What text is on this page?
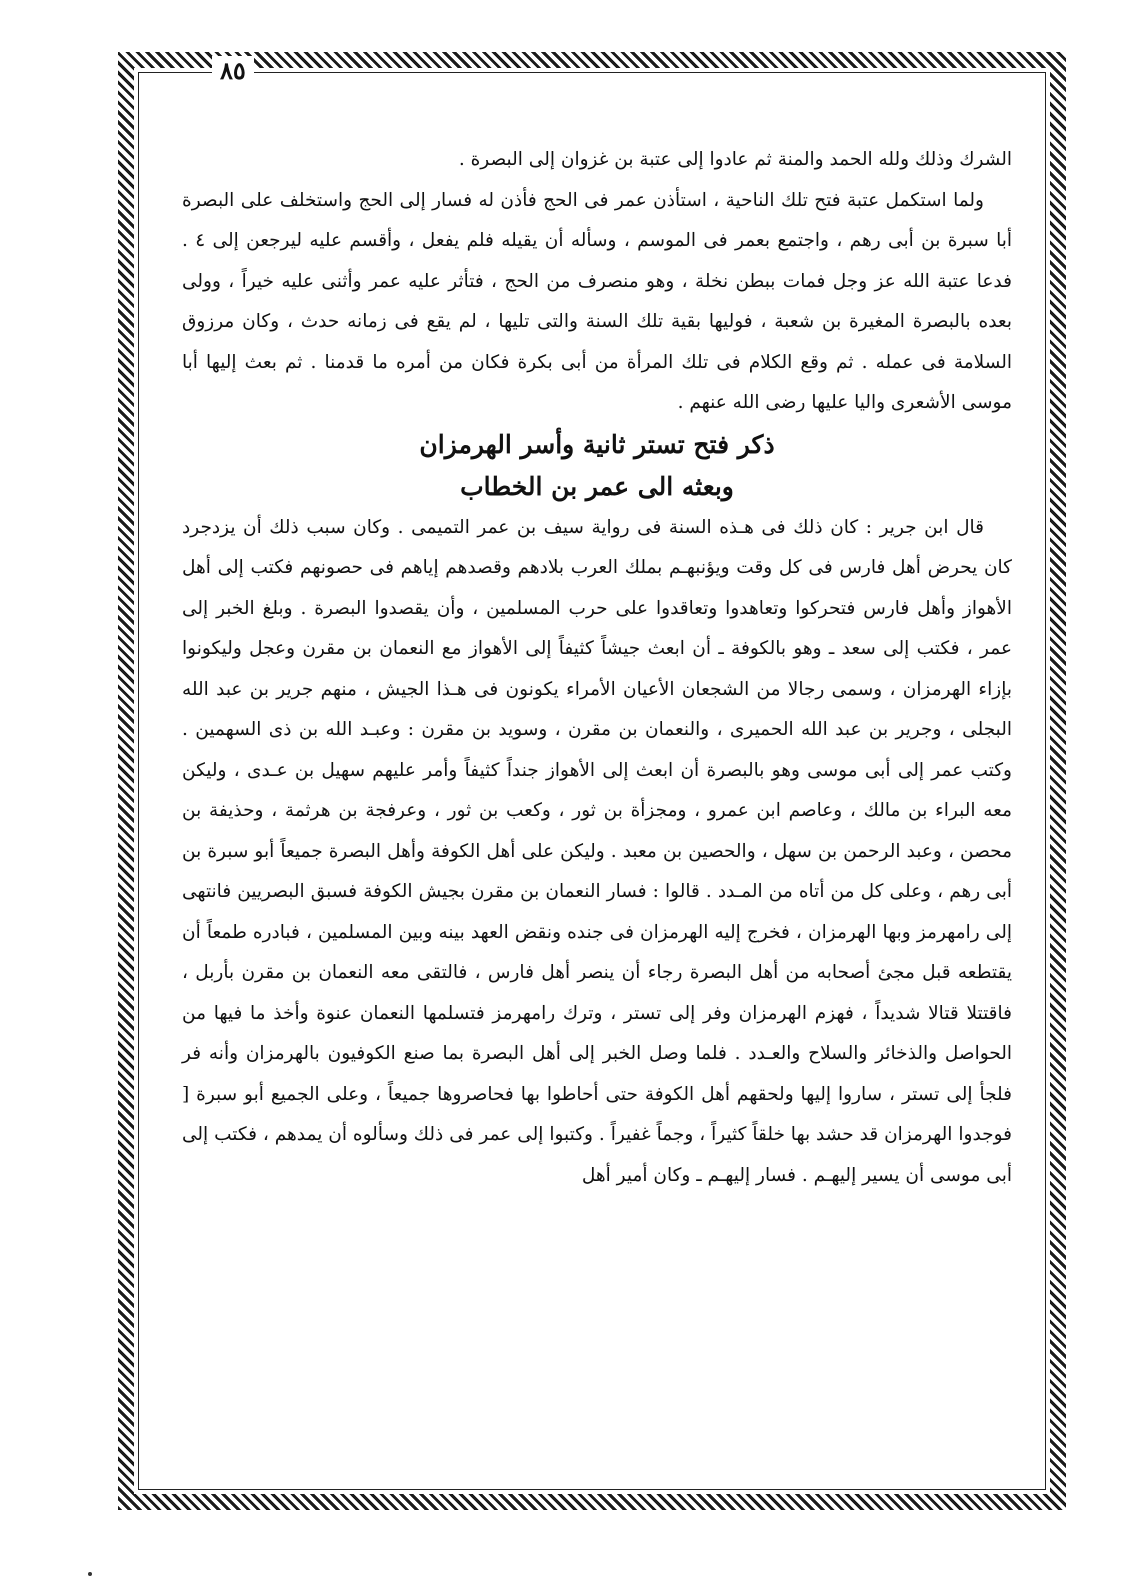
٨٥

الشرك وذلك ولله الحمد والمنة ثم عادوا إلى عتبة بن غزوان إلى البصرة .

ولما استكمل عتبة فتح تلك الناحية ، استأذن عمر فى الحج فأذن له فسار إلى الحج واستخلف على البصرة أبا سبرة بن أبى رهم ، واجتمع بعمر فى الموسم ، وسأله أن يقيله فلم يفعل ، وأقسم عليه ليرجعن إلى ٤ . فدعا عتبة الله عز وجل فمات ببطن نخلة ، وهو منصرف من الحج ، فتأثر عليه عمر وأثنى عليه خيراً ، وولى بعده بالبصرة المغيرة بن شعبة ، فوليها بقية تلك السنة والتى تليها ، لم يقع فى زمانه حدث ، وكان مرزوق السلامة فى عمله . ثم وقع الكلام فى تلك المرأة من أبى بكرة فكان من أمره ما قدمنا . ثم بعث إليها أبا موسى الأشعرى واليا عليها رضى الله عنهم .

ذكر فتح تستر ثانية وأسر الهرمزان

وبعثه الى عمر بن الخطاب

قال ابن جرير : كان ذلك فى هـذه السنة فى رواية سيف بن عمر التميمى . وكان سبب ذلك أن يزدجرد كان يحرض أهل فارس فى كل وقت ويؤنبهـم بملك العرب بلادهم وقصدهم إياهم فى حصونهم فكتب إلى أهل الأهواز وأهل فارس فتحركوا وتعاهدوا وتعاقدوا على حرب المسلمين ، وأن يقصدوا البصرة . وبلغ الخبر إلى عمر ، فكتب إلى سعد ـ وهو بالكوفة ـ أن ابعث جيشاً كثيفاً إلى الأهواز مع النعمان بن مقرن وعجل وليكونوا بإزاء الهرمزان ، وسمى رجالا من الشجعان الأعيان الأمراء يكونون فى هـذا الجيش ، منهم جرير بن عبد الله البجلى ، وجرير بن عبد الله الحميرى ، والنعمان بن مقرن ، وسويد بن مقرن : وعبـد الله بن ذى السهمين . وكتب عمر إلى أبى موسى وهو بالبصرة أن ابعث إلى الأهواز جنداً كثيفاً وأمر عليهم سهيل بن عـدى ، وليكن معه البراء بن مالك ، وعاصم ابن عمرو ، ومجزأة بن ثور ، وكعب بن ثور ، وعرفجة بن هرثمة ، وحذيفة بن محصن ، وعبد الرحمن بن سهل ، والحصين بن معبد . وليكن على أهل الكوفة وأهل البصرة جميعاً أبو سبرة بن أبى رهم ، وعلى كل من أتاه من المـدد . قالوا : فسار النعمان بن مقرن بجيش الكوفة فسبق البصريين فانتهى إلى رامهرمز وبها الهرمزان ، فخرج إليه الهرمزان فى جنده ونقض العهد بينه وبين المسلمين ، فبادره طمعاً أن يقتطعه قبل مجئ أصحابه من أهل البصرة رجاء أن ينصر أهل فارس ، فالتقى معه النعمان بن مقرن بأربل ، فاقتتلا قتالا شديداً ، فهزم الهرمزان وفر إلى تستر ، وترك رامهرمز فتسلمها النعمان عنوة وأخذ ما فيها من الحواصل والذخائر والسلاح والعـدد . فلما وصل الخبر إلى أهل البصرة بما صنع الكوفيون بالهرمزان وأنه فر فلجأ إلى تستر ، ساروا إليها ولحقهم أهل الكوفة حتى أحاطوا بها فحاصروها جميعاً ، وعلى الجميع أبو سبرة [ فوجدوا الهرمزان قد حشد بها خلقاً كثيراً ، وجماً غفيراً . وكتبوا إلى عمر فى ذلك وسألوه أن يمدهم ، فكتب إلى أبى موسى أن يسير إليهـم . فسار إليهـم ـ وكان أمير أهل
